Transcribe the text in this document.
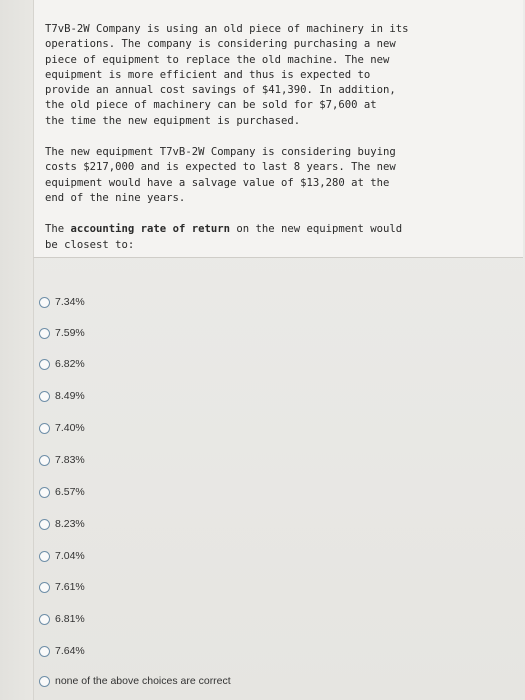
T7vB-2W Company is using an old piece of machinery in its
operations. The company is considering purchasing a new
piece of equipment to replace the old machine. The new
equipment is more efficient and thus is expected to
provide an annual cost savings of $41,390. In addition,
the old piece of machinery can be sold for $7,600 at
the time the new equipment is purchased.

The new equipment T7vB-2W Company is considering buying
costs $217,000 and is expected to last 8 years. The new
equipment would have a salvage value of $13,280 at the
end of the nine years.

The accounting rate of return on the new equipment would
be closest to:

7.34%
7.59%
6.82%
8.49%
7.40%
7.83%
6.57%
8.23%
7.04%
7.61%
6.81%
7.64%
none of the above choices are correct
